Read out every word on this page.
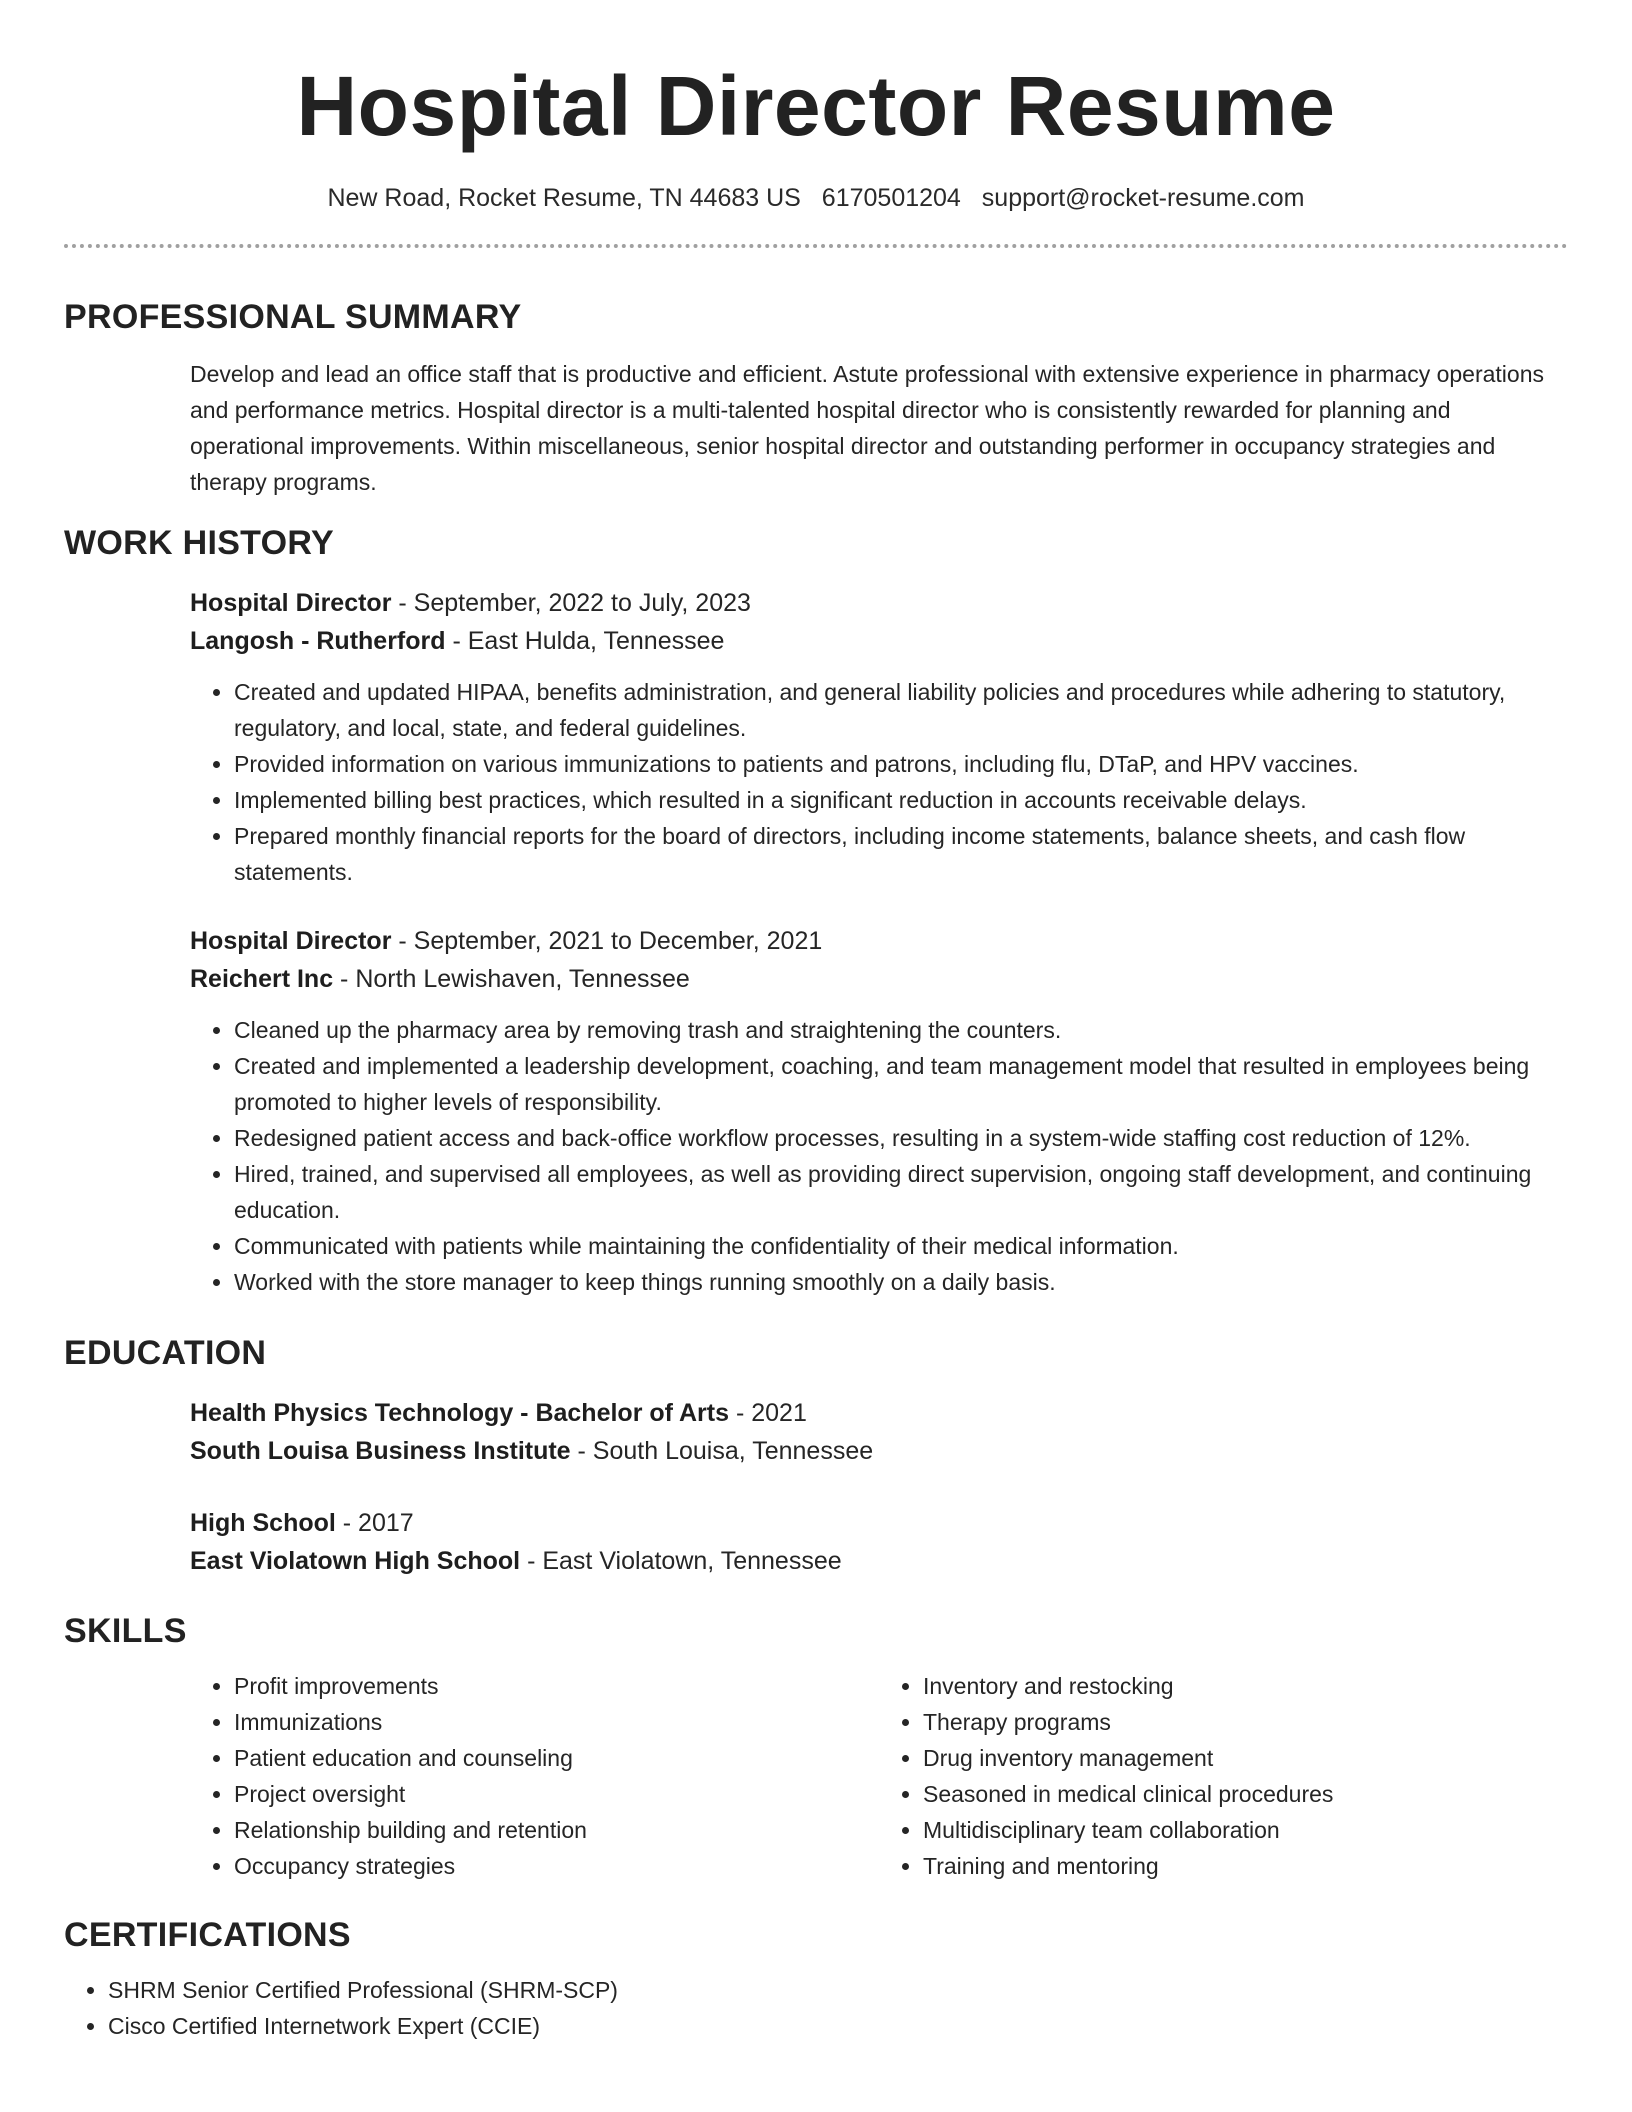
Hospital Director Resume
New Road, Rocket Resume, TN 44683 US 6170501204 support@rocket-resume.com
PROFESSIONAL SUMMARY

Develop and lead an office staff that is productive and efficient. Astute professional with extensive experience in pharmacy operations and performance metrics. Hospital director is a multi-talented hospital director who is consistently rewarded for planning and operational improvements. Within miscellaneous, senior hospital director and outstanding performer in occupancy strategies and therapy programs.

WORK HISTORY
Hospital Director - September, 2022 to July, 2023
Langosh - Rutherford - East Hulda, Tennessee
• Created and updated HIPAA, benefits administration, and general liability policies and procedures while adhering to statutory, regulatory, and local, state, and federal guidelines.
• Provided information on various immunizations to patients and patrons, including flu, DTaP, and HPV vaccines.
• Implemented billing best practices, which resulted in a significant reduction in accounts receivable delays.
• Prepared monthly financial reports for the board of directors, including income statements, balance sheets, and cash flow statements.
Hospital Director - September, 2021 to December, 2021
Reichert Inc - North Lewishaven, Tennessee
• Cleaned up the pharmacy area by removing trash and straightening the counters.
• Created and implemented a leadership development, coaching, and team management model that resulted in employees being promoted to higher levels of responsibility.
• Redesigned patient access and back-office workflow processes, resulting in a system-wide staffing cost reduction of 12%.
• Hired, trained, and supervised all employees, as well as providing direct supervision, ongoing staff development, and continuing education.
• Communicated with patients while maintaining the confidentiality of their medical information.
• Worked with the store manager to keep things running smoothly on a daily basis.
EDUCATION
Health Physics Technology - Bachelor of Arts - 2021
South Louisa Business Institute - South Louisa, Tennessee
High School - 2017
East Violatown High School - East Violatown, Tennessee
SKILLS
• Profit improvements
• Immunizations
• Patient education and counseling
• Project oversight
• Relationship building and retention
• Occupancy strategies
• Inventory and restocking
• Therapy programs
• Drug inventory management
• Seasoned in medical clinical procedures
• Multidisciplinary team collaboration
• Training and mentoring
CERTIFICATIONS
• SHRM Senior Certified Professional (SHRM-SCP)
• Cisco Certified Internetwork Expert (CCIE)
